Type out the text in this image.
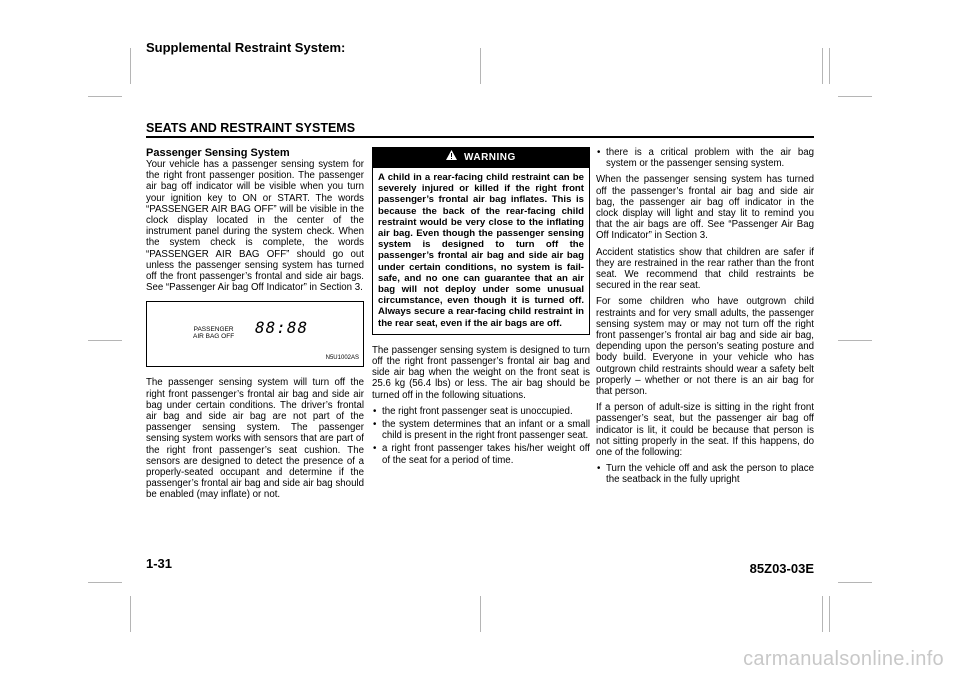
Supplemental Restraint System:
SEATS AND RESTRAINT SYSTEMS
Passenger Sensing System

Your vehicle has a passenger sensing system for the right front passenger position. The passenger air bag off indicator will be visible when you turn your ignition key to ON or START. The words “PASSENGER AIR BAG OFF” will be visible in the clock display located in the center of the instrument panel during the system check. When the system check is complete, the words “PASSENGER AIR BAG OFF” should go out unless the passenger sensing system has turned off the front passenger’s frontal and side air bags. See “Passenger Air bag Off Indicator” in Section 3.

PASSENGER
AIR BAG OFF 88:88
N5U1002AS

The passenger sensing system will turn off the right front passenger’s frontal air bag and side air bag under certain conditions. The driver’s frontal air bag and side air bag are not part of the passenger sensing system. The passenger sensing system works with sensors that are part of the right front passenger’s seat cushion. The sensors are designed to detect the presence of a properly-seated occupant and determine if the passenger’s frontal air bag and side air bag should be enabled (may inflate) or not.

WARNING
A child in a rear-facing child restraint can be severely injured or killed if the right front passenger’s frontal air bag inflates. This is because the back of the rear-facing child restraint would be very close to the inflating air bag. Even though the passenger sensing system is designed to turn off the passenger’s frontal air bag and side air bag under certain conditions, no system is fail-safe, and no one can guarantee that an air bag will not deploy under some unusual circumstance, even though it is turned off. Always secure a rear-facing child restraint in the rear seat, even if the air bags are off.

The passenger sensing system is designed to turn off the right front passenger’s frontal air bag and side air bag when the weight on the front seat is 25.6 kg (56.4 lbs) or less. The air bag should be turned off in the following situations.

• the right front passenger seat is unoccupied.
• the system determines that an infant or a small child is present in the right front passenger seat.
• a right front passenger takes his/her weight off of the seat for a period of time.
• there is a critical problem with the air bag system or the passenger sensing system.

When the passenger sensing system has turned off the passenger’s frontal air bag and side air bag, the passenger air bag off indicator in the clock display will light and stay lit to remind you that the air bags are off. See “Passenger Air Bag Off Indicator” in Section 3.

Accident statistics show that children are safer if they are restrained in the rear rather than the front seat. We recommend that child restraints be secured in the rear seat.

For some children who have outgrown child restraints and for very small adults, the passenger sensing system may or may not turn off the right front passenger’s frontal air bag and side air bag, depending upon the person’s seating posture and body build. Everyone in your vehicle who has outgrown child restraints should wear a safety belt properly – whether or not there is an air bag for that person.

If a person of adult-size is sitting in the right front passenger’s seat, but the passenger air bag off indicator is lit, it could be because that person is not sitting properly in the seat. If this happens, do one of the following:

• Turn the vehicle off and ask the person to place the seatback in the fully upright
1-31	85Z03-03E
carmanualsonline.info
